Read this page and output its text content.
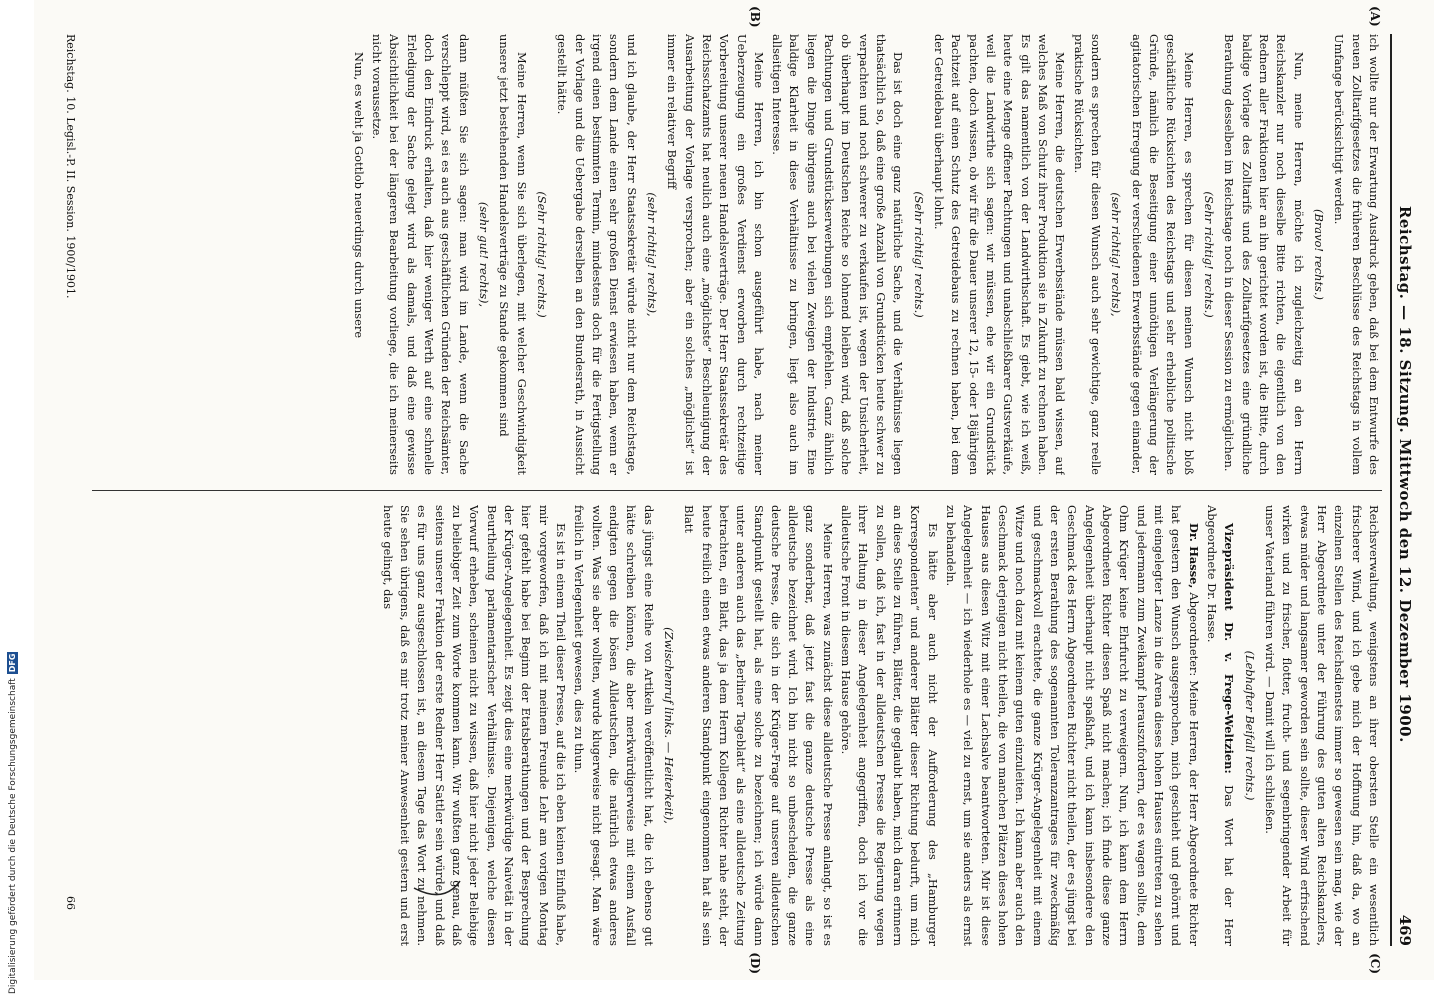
Reichstag. — 18. Sitzung. Mittwoch den 12. Dezember 1900.
469
(A)
(B)
(C)
(D)

ich wollte nur der Erwartung Ausdruck geben, daß bei dem Entwurfe des neuen Zolltarifgesetzes die früheren Beschlüsse des Reichstags in vollem Umfange berücksichtigt werden.

(Bravo! rechts.)

Nun, meine Herren, möchte ich zugleichzeitig an den Herrn Reichskanzler nur noch dieselbe Bitte richten, die eigentlich von den Rednern aller Fraktionen hier an ihn gerichtet worden ist, die Bitte, durch baldige Vorlage des Zolltarifs und des Zolltarifgesetzes eine gründliche Berathung desselben im Reichstage noch in dieser Session zu ermöglichen.

(Sehr richtig! rechts.)

Meine Herren, es sprechen für diesen meinen Wunsch nicht bloß geschäftliche Rücksichten des Reichstags und sehr erhebliche politische Gründe, nämlich die Beseitigung einer unnöthigen Verlängerung der agitatorischen Erregung der verschiedenen Erwerbsstände gegen einander,

(sehr richtig! rechts),

sondern es sprechen für diesen Wunsch auch sehr gewichtige, ganz reelle praktische Rücksichten.

Meine Herren, die deutschen Erwerbsstände müssen bald wissen, auf welches Maß von Schutz ihrer Produktion sie in Zukunft zu rechnen haben. Es gilt das namentlich von der Landwirthschaft. Es giebt, wie ich weiß, heute eine Menge offener Pachtungen und unabschließbarer Gutsverkäufe, weil die Landwirthe sich sagen: wir müssen, ehe wir ein Grundstück pachten, doch wissen, ob wir für die Dauer unserer 12, 15- oder 18jährigen Pachtzeit auf einen Schutz des Getreidebaus zu rechnen haben, bei dem der Getreidebau überhaupt lohnt.

(Sehr richtig! rechts.)

Das ist doch eine ganz natürliche Sache, und die Verhältnisse liegen thatsächlich so, daß eine große Anzahl von Grundstücken heute schwer zu verpachten und noch schwerer zu verkaufen ist, wegen der Unsicherheit, ob überhaupt im Deutschen Reiche so lohnend bleiben wird, daß solche Pachtungen und Grundstückserwerbungen sich empfehlen. Ganz ähnlich liegen die Dinge übrigens auch bei vielen Zweigen der Industrie. Eine baldige Klarheit in diese Verhältnisse zu bringen, liegt also auch im allseitigen Interesse.

Meine Herren, ich bin schon ausgeführt habe, nach meiner Ueberzeugung ein großes Verdienst erworben durch rechtzeitige Vorbereitung unserer neuen Handelsverträge. Der Herr Staatssekretär des Reichsschatzamts hat neulich auch eine „möglichste“ Beschleunigung der Ausarbeitung der Vorlage versprochen; aber ein solches „möglichst“ ist immer ein relativer Begriff

(sehr richtig! rechts),

und ich glaube, der Herr Staatssekretär würde nicht nur dem Reichstage, sondern dem Lande einen sehr großen Dienst erwiesen haben, wenn er irgend einen bestimmten Termin, mindestens doch für die Fertigstellung der Vorlage und die Uebergabe derselben an den Bundesrath, in Aussicht gestellt hätte.

(Sehr richtig! rechts.)

Meine Herren, wenn Sie sich überlegen, mit welcher Geschwindigkeit unsere jetzt bestehenden Handelsverträge zu Stande gekommen sind

(sehr gut! rechts),

dann müßten Sie sich sagen: man wird im Lande, wenn die Sache verschleppt wird, sei es auch aus geschäftlichen Gründen der Reichsämter, doch den Eindruck erhalten, daß hier weniger Werth auf eine schnelle Erledigung der Sache gelegt wird als damals, und daß eine gewisse Absichtlichkeit bei der längeren Bearbeitung vorliege, die ich meinerseits nicht voraussetze.

Nun, es weht ja Gottlob neuerdings durch unsere

Reichsverwaltung, wenigstens an ihrer obersten Stelle ein wesentlich frischerer Wind, und ich gebe mich der Hoffnung hin, daß da, wo an einzelnen Stellen des Reichsdienstes immer so gewesen sein mag, wie der Herr Abgeordnete unter der Führung des guten alten Reichskanzlers, etwas müder und langsamer geworden sein sollte, dieser Wind erfrischend wirken und zu frischer, flotter, frucht- und segenbringender Arbeit für unser Vaterland führen wird. — Damit will ich schließen.

(Lebhafter Beifall rechts.)

Vizepräsident Dr. v. Frege-Weltzien: Das Wort hat der Herr Abgeordnete Dr. Hasse.

Dr. Hasse, Abgeordneter: Meine Herren, der Herr Abgeordnete Richter hat gestern den Wunsch ausgesprochen, mich geschieht und gehörnt und mit eingelegter Lanze in die Arena dieses hohen Hauses eintreten zu sehen und jedermann zum Zweikampf herauszufordern, der es wagen sollte, dem Ohm Krüger keine Ehrfurcht zu verweigern. Nun, ich kann dem Herrn Abgeordneten Richter diesen Spaß nicht machen; ich finde diese ganze Angelegenheit überhaupt nicht spaßhaft, und ich kann insbesondere den Geschmack des Herrn Abgeordneten Richter nicht theilen, der es jüngst bei der ersten Berathung des sogenannten Toleranzantrages für zweckmäßig und geschmackvoll erachtete, die ganze Krüger-Angelegenheit mit einem Witze und noch dazu mit keinem guten einzuleiten. Ich kann aber auch den Geschmack derjenigen nicht theilen, die von manchen Plätzen dieses hohen Hauses aus diesen Witz mit einer Lachsalve beantworteten. Mir ist diese Angelegenheit — ich wiederhole es — viel zu ernst, um sie anders als ernst zu behandeln.

Es hätte aber auch nicht der Aufforderung des „Hamburger Korrespondenten“ und anderer Blätter dieser Richtung bedurft, um mich an diese Stelle zu führen, Blätter, die geglaubt haben, mich daran erinnern zu sollen, daß ich, fast in der alldeutschen Presse die Regierung wegen ihrer Haltung in dieser Angelegenheit angegriffen, doch ich vor die alldeutsche Front in diesem Hause gehöre.

Meine Herren, was zunächst diese alldeutsche Presse anlangt, so ist es ganz sonderbar, daß jetzt fast die ganze deutsche Presse als eine alldeutsche bezeichnet wird. Ich bin nicht so unbescheiden, die ganze deutsche Presse, die sich in der Krüger-Frage auf unseren alldeutschen Standpunkt gestellt hat, als eine solche zu bezeichnen; ich würde dann unter anderen auch das „Berliner Tageblatt“ als eine alldeutsche Zeitung betrachten, ein Blatt, das ja dem Herrn Kollegen Richter nahe steht, der heute freilich einen etwas anderen Standpunkt eingenommen hat als sein Blatt

(Zwischenruf links. — Heiterkeit),

das jüngst eine Reihe von Artikeln veröffentlicht hat, die ich ebenso gut hätte schreiben können, die aber merkwürdigerweise mit einem Ausfall endigten gegen die bösen Alldeutschen, die natürlich etwas anderes wollten. Was sie aber wollten, wurde klugerweise nicht gesagt. Man wäre freilich in Verlegenheit gewesen, dies zu thun.

Es ist in einem Theil dieser Presse, auf die ich eben keinen Einfluß habe, mir vorgeworfen, daß ich mit meinem Freunde Lehr am vorigen Montag hier gefehlt habe bei Beginn der Etatsberathungen und der Besprechung der Krüger-Angelegenheit. Es zeigt dies eine merkwürdige Naivetät in der Beurtheilung parlamentarischer Verhältnisse. Diejenigen, welche diesen Vorwurf erheben, scheinen nicht zu wissen, daß hier nicht jeder Beliebige zu beliebiger Zeit zum Worte kommen kann. Wir wußten ganz genau, daß seitens unserer Fraktion der erste Redner Herr Sattler sein würde, und daß es für uns ganz ausgeschlossen ist, an diesem Tage das Wort zu nehmen. Sie sehen übrigens, daß es mir trotz meiner Anwesenheit gestern und erst heute gelingt, das

Reichstag. 10. Legisl.-P. II. Session. 1900/1901.
66
Digitalisierung gefördert durch die Deutsche Forschungsgemeinschaft
DFG
